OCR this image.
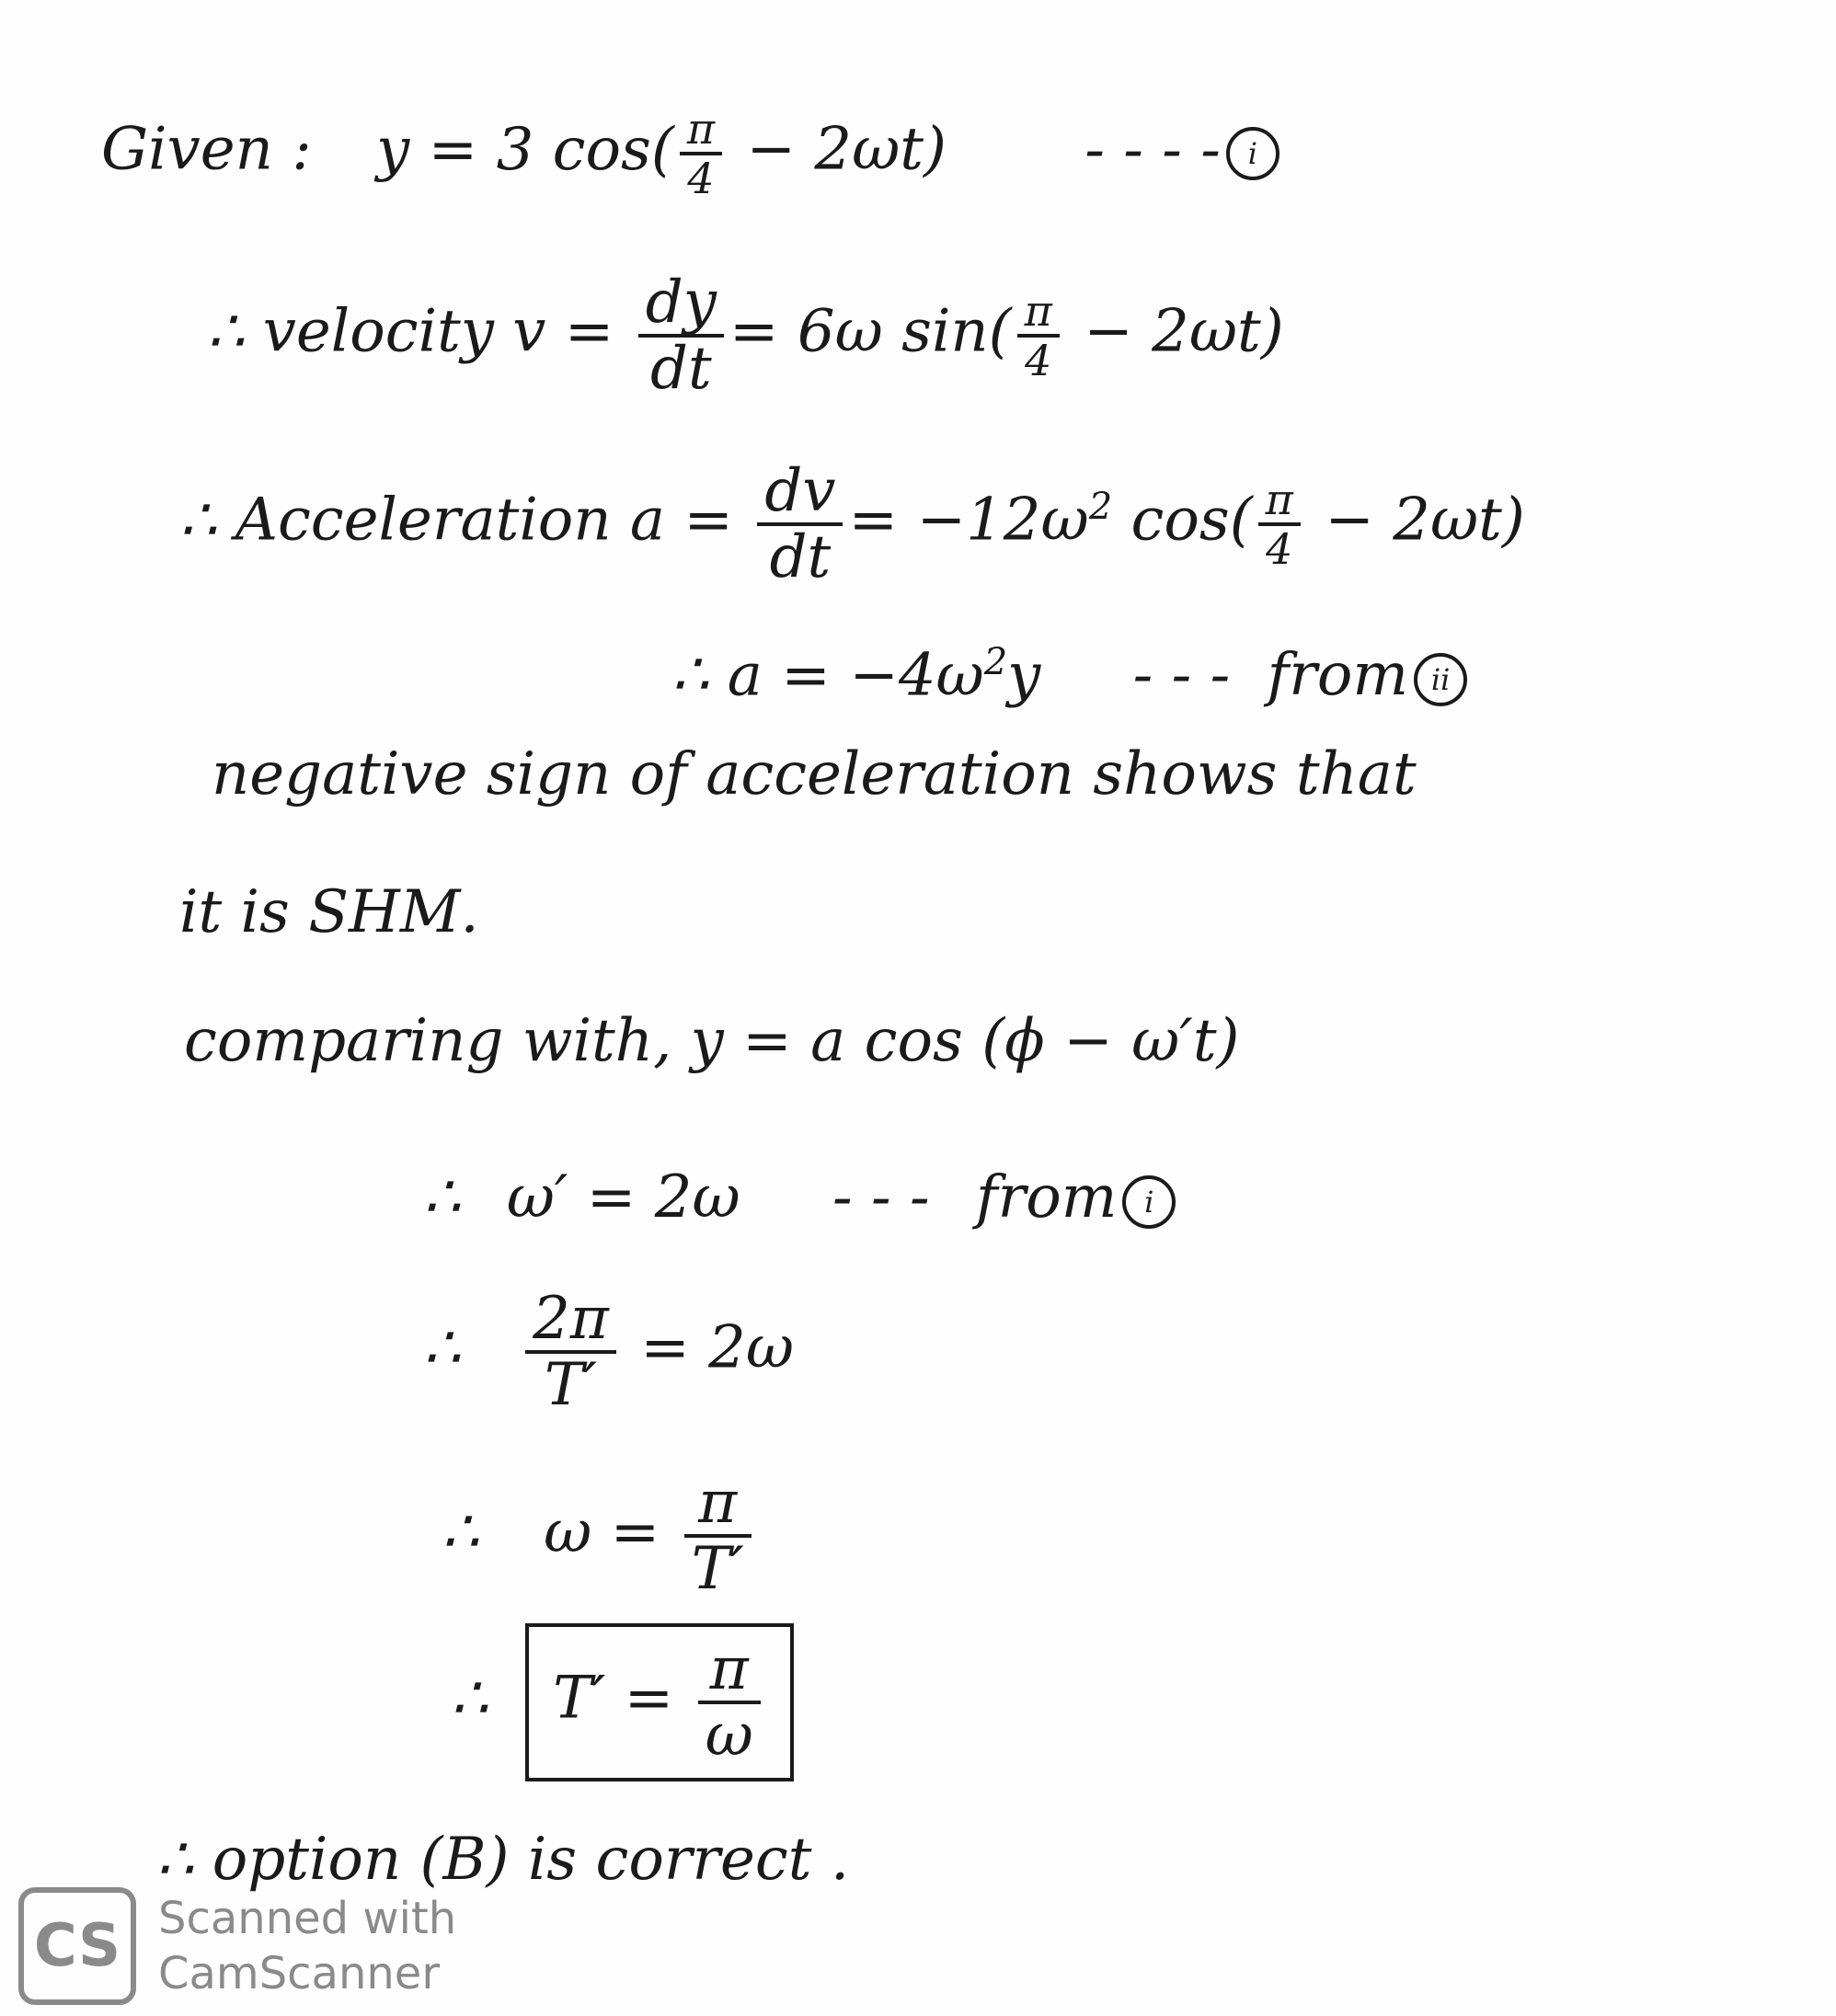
Given : y = 3 $\cos( \frac{\pi}{4} - 2\omega t)$ - - - - i
∴ velocity $v = \frac{dy}{dt} = 6\omega$ $\sin( \frac{\pi}{4} - 2\omega t)$
∴ Acceleration $a = \frac{dv}{dt} = -12\omega^2$ $\cos( \frac{\pi}{4} - 2\omega t)$
∴ $a = -4\omega^2y$ - - - from ii
negative sign of acceleration shows that
it is SHM.
comparing with, y = a cos (ϕ − ω′t)
∴ ω′ = 2ω - - - from i
∴ $\frac{2\pi}{T'} = 2\omega$
∴ $\omega = \frac{\pi}{T'}$
∴ $T' = \frac{\pi}{\omega}$
∴ option (B) is correct .
CS Scanned with
CamScanner
